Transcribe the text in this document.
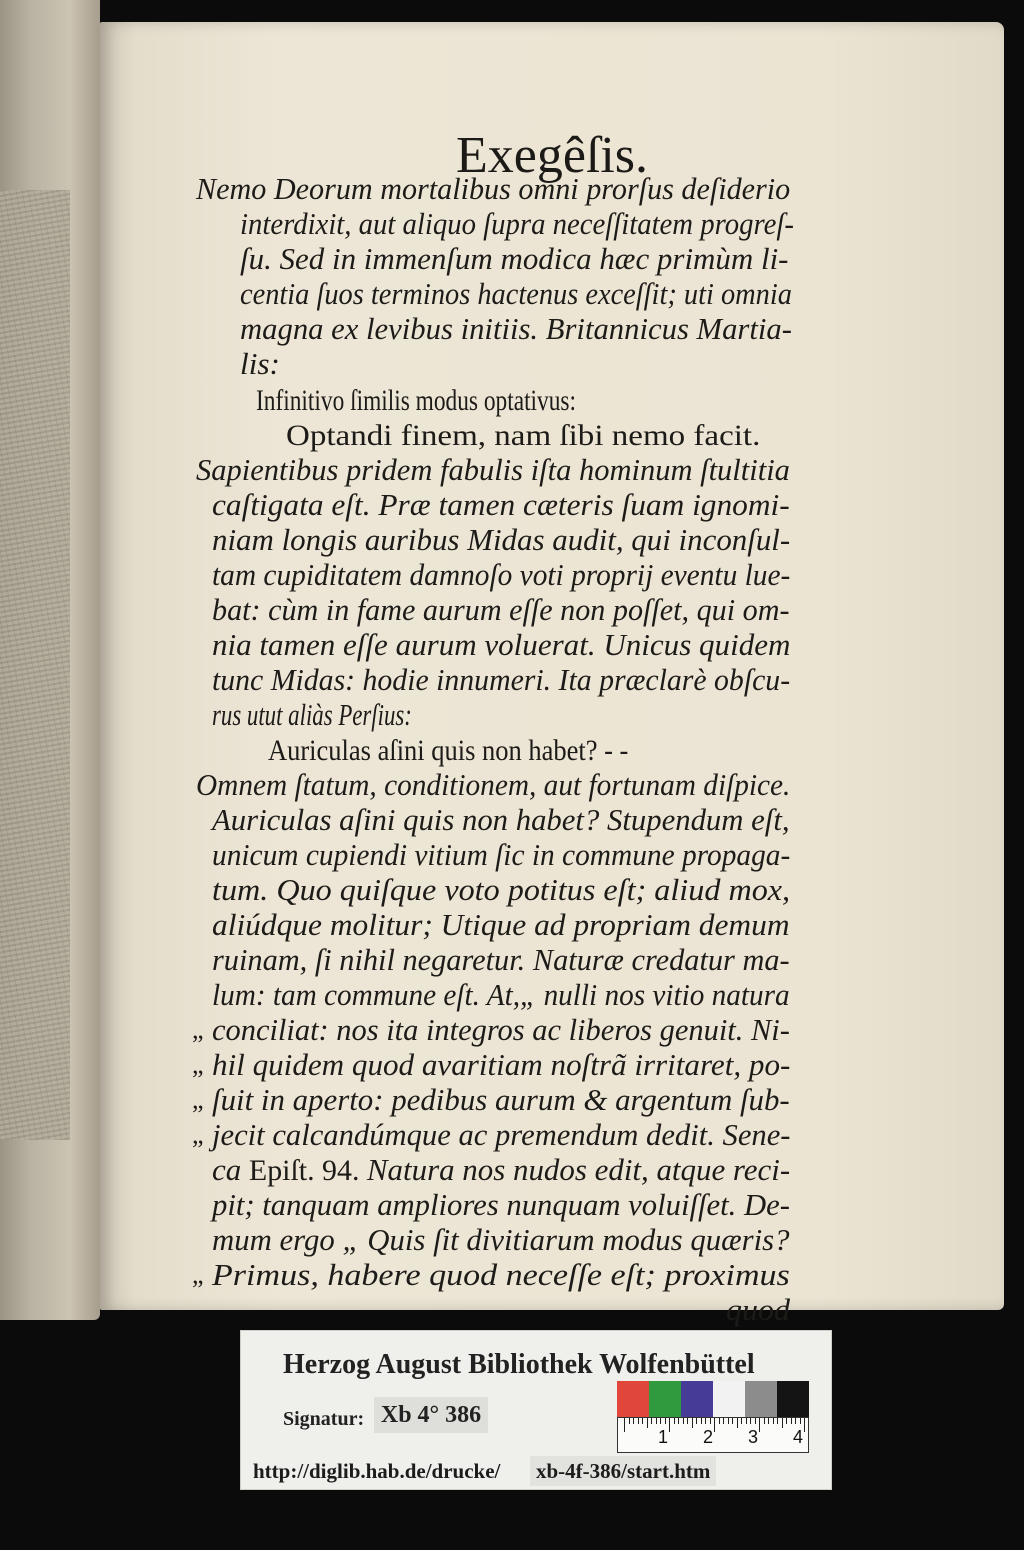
Exegêſis.
Nemo Deorum mortalibus omni prorſus deſiderio
interdixit, aut aliquo ſupra neceſſitatem progreſ-
ſu. Sed in immenſum modica hæc primùm li-
centia ſuos terminos hactenus exceſſit; uti omnia
magna ex levibus initiis. Britannicus Martia-
lis:
Infinitivo ſimilis modus optativus:
Optandi finem, nam ſibi nemo facit.
Sapientibus pridem fabulis iſta hominum ſtultitia
caſtigata eſt. Præ tamen cæteris ſuam ignomi-
niam longis auribus Midas audit, qui inconſul-
tam cupiditatem damnoſo voti proprij eventu lue-
bat: cùm in fame aurum eſſe non poſſet, qui om-
nia tamen eſſe aurum voluerat. Unicus quidem
tunc Midas: hodie innumeri. Ita præclarè obſcu-
rus utut aliàs Perſius:
Auriculas aſini quis non habet? - -
Omnem ſtatum, conditionem, aut fortunam diſpice.
Auriculas aſini quis non habet? Stupendum eſt,
unicum cupiendi vitium ſic in commune propaga-
tum. Quo quiſque voto potitus eſt; aliud mox,
aliúdque molitur; Utique ad propriam demum
ruinam, ſi nihil negaretur. Naturæ credatur ma-
lum: tam commune eſt. At,„ nulli nos vitio natura
conciliat: nos ita integros ac liberos genuit. Ni-
hil quidem quod avaritiam noſtrã irritaret, po-
ſuit in aperto: pedibus aurum & argentum ſub-
jecit calcandúmque ac premendum dedit. Sene-
ca Epiſt. 94. Natura nos nudos edit, atque reci-
pit; tanquam ampliores nunquam voluiſſet. De-
mum ergo „ Quis ſit divitiarum modus quæris?
Primus, habere quod neceſſe eſt; proximus
quod
„
„
„
„
„
Herzog August Bibliothek Wolfenbüttel
Signatur: Xb 4° 386
1 2 3 4
http://diglib.hab.de/drucke/ xb-4f-386/start.htm
